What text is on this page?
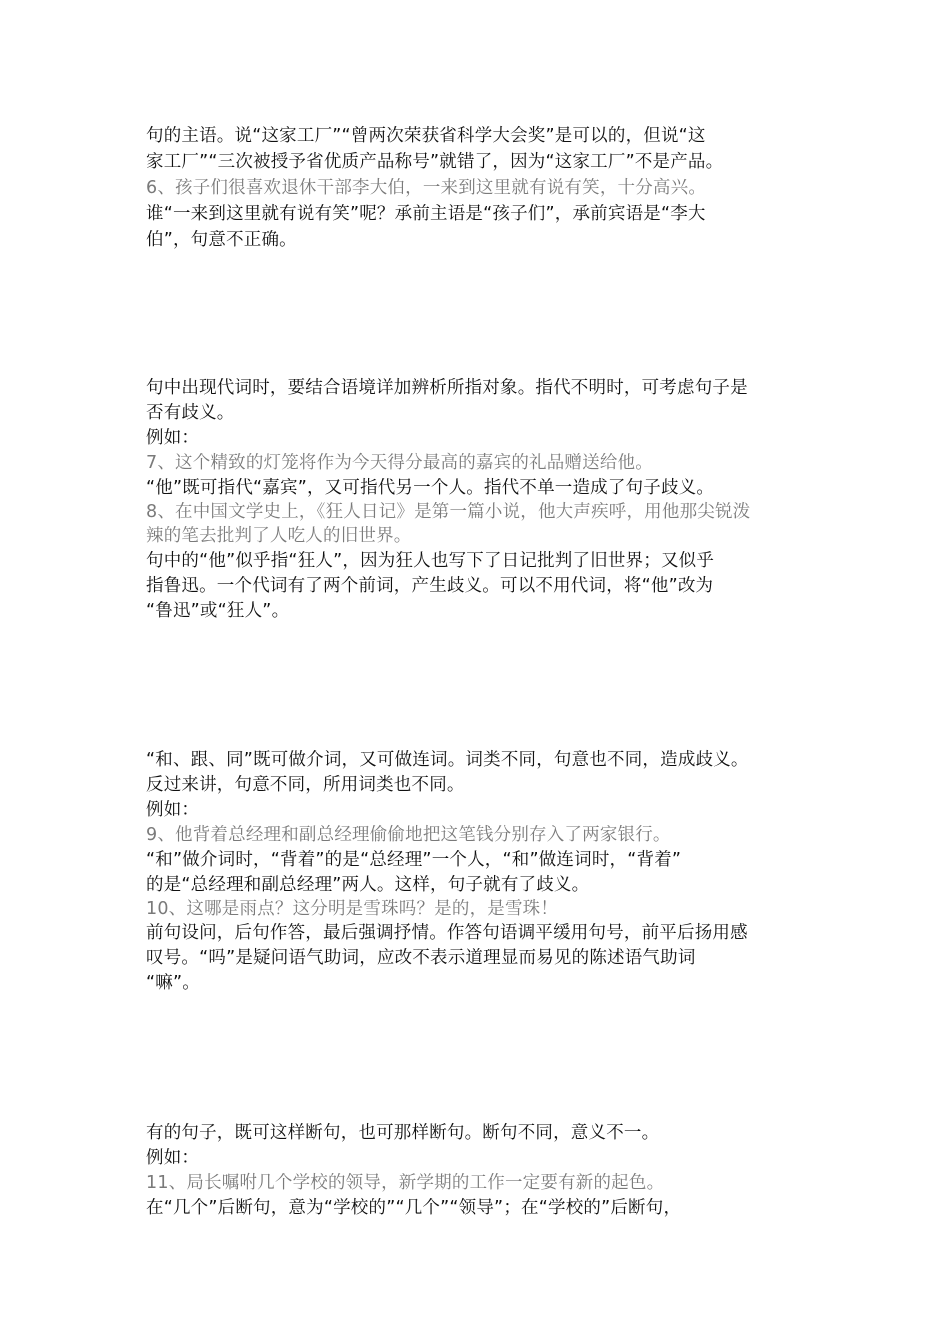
句的主语。说“这家工厂”“曾两次荣获省科学大会奖”是可以的，但说“这
家工厂”“三次被授予省优质产品称号”就错了，因为“这家工厂”不是产品。
6、孩子们很喜欢退休干部李大伯，一来到这里就有说有笑，十分高兴。
谁“一来到这里就有说有笑”呢？承前主语是“孩子们”，承前宾语是“李大
伯”，句意不正确。
句中出现代词时，要结合语境详加辨析所指对象。指代不明时，可考虑句子是
否有歧义。
例如：
7、这个精致的灯笼将作为今天得分最高的嘉宾的礼品赠送给他。
“他”既可指代“嘉宾”，又可指代另一个人。指代不单一造成了句子歧义。
8、在中国文学史上，《狂人日记》是第一篇小说，他大声疾呼，用他那尖锐泼
辣的笔去批判了人吃人的旧世界。
句中的“他”似乎指“狂人”，因为狂人也写下了日记批判了旧世界；又似乎
指鲁迅。一个代词有了两个前词，产生歧义。可以不用代词，将“他”改为
“鲁迅”或“狂人”。
“和、跟、同”既可做介词，又可做连词。词类不同，句意也不同，造成歧义。
反过来讲，句意不同，所用词类也不同。
例如：
9、他背着总经理和副总经理偷偷地把这笔钱分别存入了两家银行。
“和”做介词时，“背着”的是“总经理”一个人，“和”做连词时，“背着”
的是“总经理和副总经理”两人。这样，句子就有了歧义。
10、这哪是雨点？这分明是雪珠吗？是的，是雪珠！
前句设问，后句作答，最后强调抒情。作答句语调平缓用句号，前平后扬用感
叹号。“吗”是疑问语气助词，应改不表示道理显而易见的陈述语气助词
“嘛”。
有的句子，既可这样断句，也可那样断句。断句不同，意义不一。
例如：
11、局长嘱咐几个学校的领导，新学期的工作一定要有新的起色。
在“几个”后断句，意为“学校的”“几个”“领导”；在“学校的”后断句，
